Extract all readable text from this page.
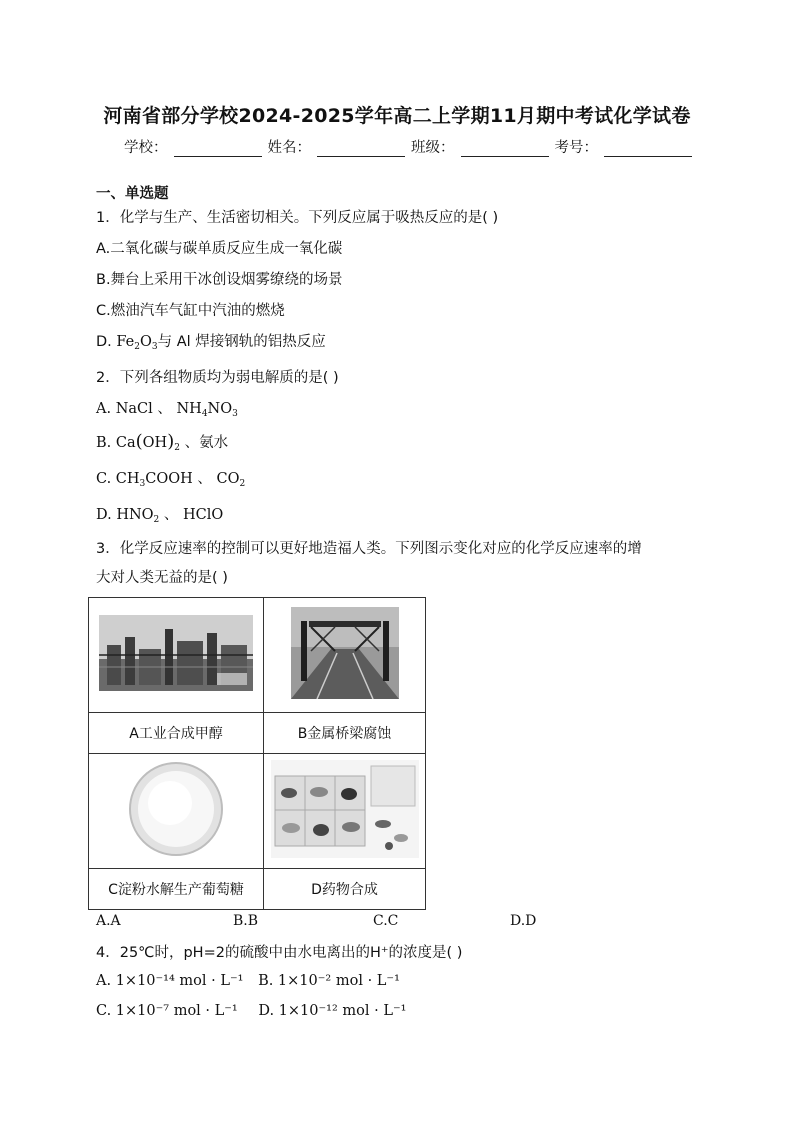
河南省部分学校2024-2025学年高二上学期11月期中考试化学试卷
学校：	姓名：	班级：	考号：
一、单选题
1．化学与生产、生活密切相关。下列反应属于吸热反应的是( )
A.二氧化碳与碳单质反应生成一氧化碳
B.舞台上采用干冰创设烟雾缭绕的场景
C.燃油汽车气缸中汽油的燃烧
D. $Fe_2O_3$与 Al 焊接钢轨的铝热反应
2．下列各组物质均为弱电解质的是( )
A. NaCl 、 $NH_4NO_3$
B. $Ca(OH)_2$ 、氨水
C. $CH_3COOH$ 、 $CO_2$
D. $HNO_2$ 、 HClO
3．化学反应速率的控制可以更好地造福人类。下列图示变化对应的化学反应速率的增
大对人类无益的是( )

A工业合成甲醇	B金属桥梁腐蚀

C淀粉水解生产葡萄糖	D药物合成
A.A	B.B	C.C	D.D
4．25℃时，pH=2的硫酸中由水电离出的H⁺的浓度是( )
A. 1×10⁻¹⁴ mol · L⁻¹ B. 1×10⁻² mol · L⁻¹
C. 1×10⁻⁷ mol · L⁻¹ D. 1×10⁻¹² mol · L⁻¹
